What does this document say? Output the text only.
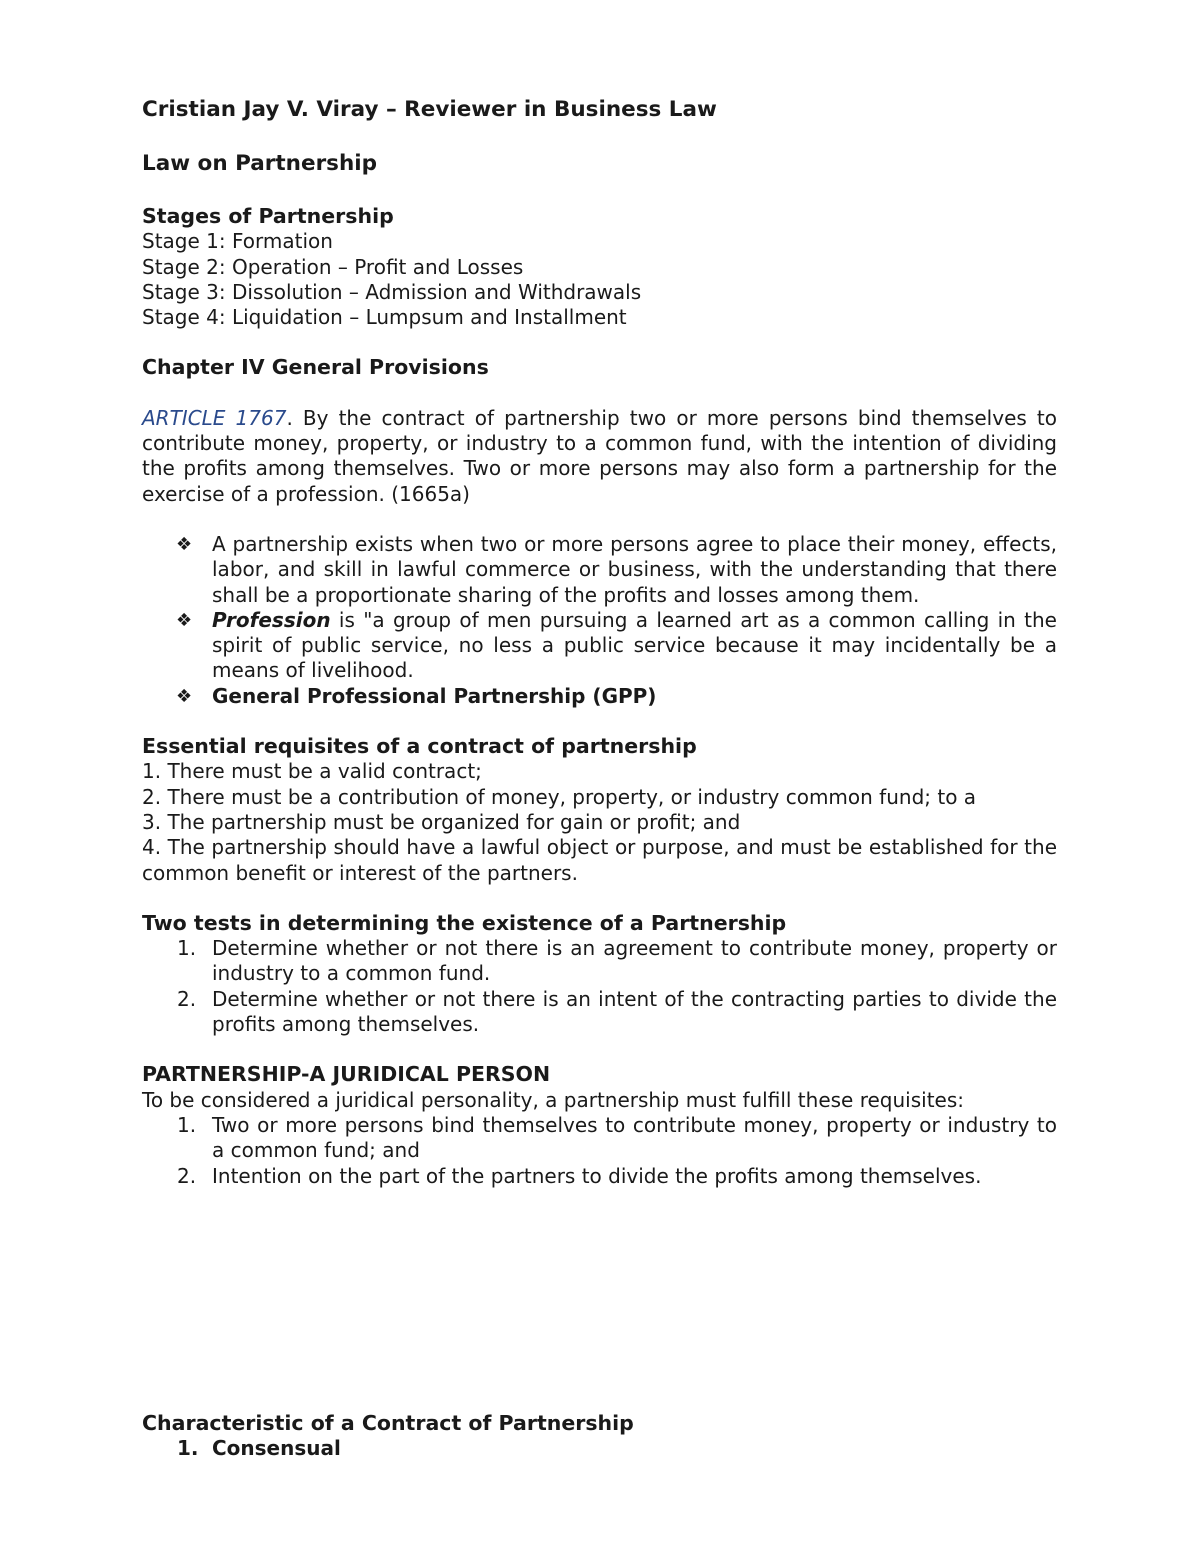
Cristian Jay V. Viray – Reviewer in Business Law

Law on Partnership

Stages of Partnership

Stage 1: Formation

Stage 2: Operation – Profit and Losses

Stage 3: Dissolution – Admission and Withdrawals

Stage 4: Liquidation – Lumpsum and Installment

Chapter IV General Provisions

ARTICLE 1767. By the contract of partnership two or more persons bind themselves to contribute money, property, or industry to a common fund, with the intention of dividing the profits among themselves. Two or more persons may also form a partnership for the exercise of a profession. (1665a)

❖ A partnership exists when two or more persons agree to place their money, effects, labor, and skill in lawful commerce or business, with the understanding that there shall be a proportionate sharing of the profits and losses among them.
❖ Profession is "a group of men pursuing a learned art as a common calling in the spirit of public service, no less a public service because it may incidentally be a means of livelihood.
❖ General Professional Partnership (GPP)

Essential requisites of a contract of partnership

1. There must be a valid contract;

2. There must be a contribution of money, property, or industry common fund; to a

3. The partnership must be organized for gain or profit; and

4. The partnership should have a lawful object or purpose, and must be established for the common benefit or interest of the partners.

Two tests in determining the existence of a Partnership

1. Determine whether or not there is an agreement to contribute money, property or industry to a common fund.
2. Determine whether or not there is an intent of the contracting parties to divide the profits among themselves.

PARTNERSHIP-A JURIDICAL PERSON

To be considered a juridical personality, a partnership must fulfill these requisites:

1. Two or more persons bind themselves to contribute money, property or industry to a common fund; and
2. Intention on the part of the partners to divide the profits among themselves.

Characteristic of a Contract of Partnership

1. Consensual
